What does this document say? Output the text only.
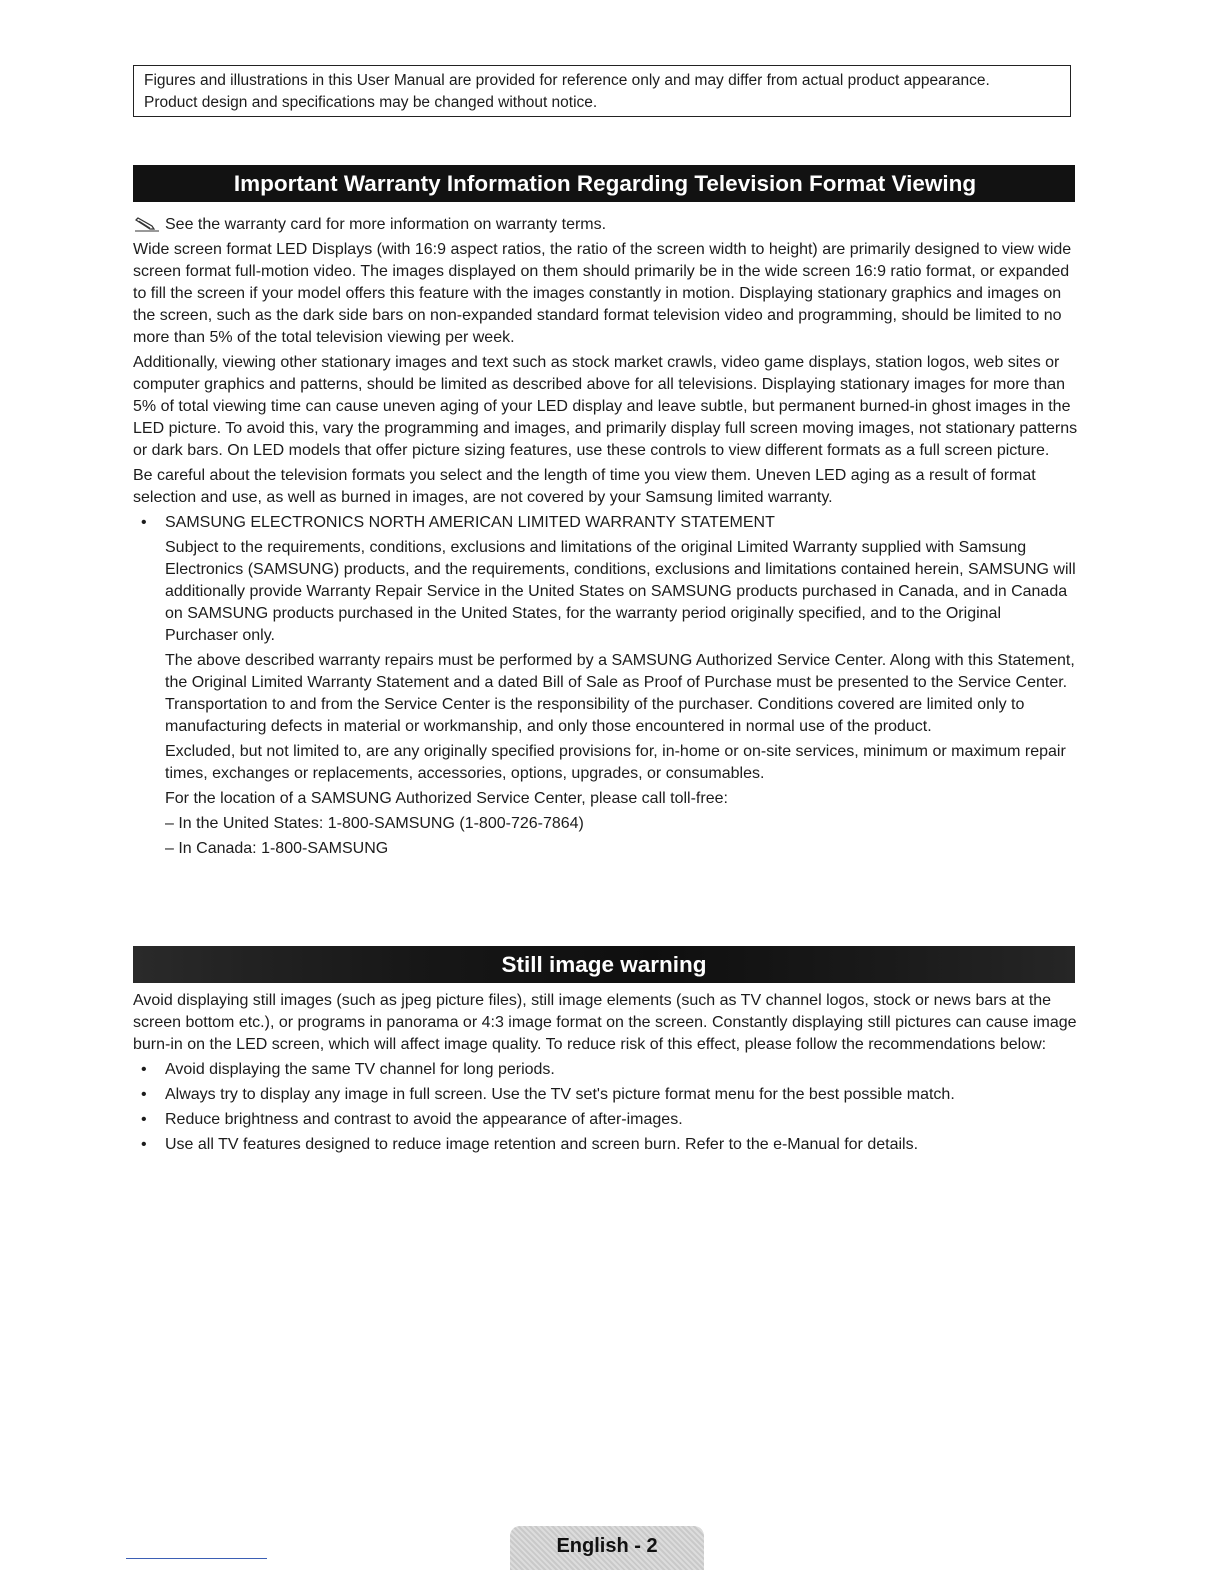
Figures and illustrations in this User Manual are provided for reference only and may differ from actual product appearance.
Product design and specifications may be changed without notice.
Important Warranty Information Regarding Television Format Viewing

See the warranty card for more information on warranty terms.

Wide screen format LED Displays (with 16:9 aspect ratios, the ratio of the screen width to height) are primarily designed to view wide screen format full-motion video. The images displayed on them should primarily be in the wide screen 16:9 ratio format, or expanded to fill the screen if your model offers this feature with the images constantly in motion. Displaying stationary graphics and images on the screen, such as the dark side bars on non-expanded standard format television video and programming, should be limited to no more than 5% of the total television viewing per week.

Additionally, viewing other stationary images and text such as stock market crawls, video game displays, station logos, web sites or computer graphics and patterns, should be limited as described above for all televisions. Displaying stationary images for more than 5% of total viewing time can cause uneven aging of your LED display and leave subtle, but permanent burned-in ghost images in the LED picture. To avoid this, vary the programming and images, and primarily display full screen moving images, not stationary patterns or dark bars. On LED models that offer picture sizing features, use these controls to view different formats as a full screen picture.

Be careful about the television formats you select and the length of time you view them. Uneven LED aging as a result of format selection and use, as well as burned in images, are not covered by your Samsung limited warranty.

• SAMSUNG ELECTRONICS NORTH AMERICAN LIMITED WARRANTY STATEMENT

Subject to the requirements, conditions, exclusions and limitations of the original Limited Warranty supplied with Samsung Electronics (SAMSUNG) products, and the requirements, conditions, exclusions and limitations contained herein, SAMSUNG will additionally provide Warranty Repair Service in the United States on SAMSUNG products purchased in Canada, and in Canada on SAMSUNG products purchased in the United States, for the warranty period originally specified, and to the Original Purchaser only.

The above described warranty repairs must be performed by a SAMSUNG Authorized Service Center. Along with this Statement, the Original Limited Warranty Statement and a dated Bill of Sale as Proof of Purchase must be presented to the Service Center. Transportation to and from the Service Center is the responsibility of the purchaser. Conditions covered are limited only to manufacturing defects in material or workmanship, and only those encountered in normal use of the product.

Excluded, but not limited to, are any originally specified provisions for, in-home or on-site services, minimum or maximum repair times, exchanges or replacements, accessories, options, upgrades, or consumables.

For the location of a SAMSUNG Authorized Service Center, please call toll-free:

– In the United States: 1-800-SAMSUNG (1-800-726-7864)

– In Canada: 1-800-SAMSUNG

Still image warning

Avoid displaying still images (such as jpeg picture files), still image elements (such as TV channel logos, stock or news bars at the screen bottom etc.), or programs in panorama or 4:3 image format on the screen. Constantly displaying still pictures can cause image burn-in on the LED screen, which will affect image quality. To reduce risk of this effect, please follow the recommendations below:

• Avoid displaying the same TV channel for long periods.
• Always try to display any image in full screen. Use the TV set's picture format menu for the best possible match.
• Reduce brightness and contrast to avoid the appearance of after-images.
• Use all TV features designed to reduce image retention and screen burn. Refer to the e-Manual for details.
English - 2
